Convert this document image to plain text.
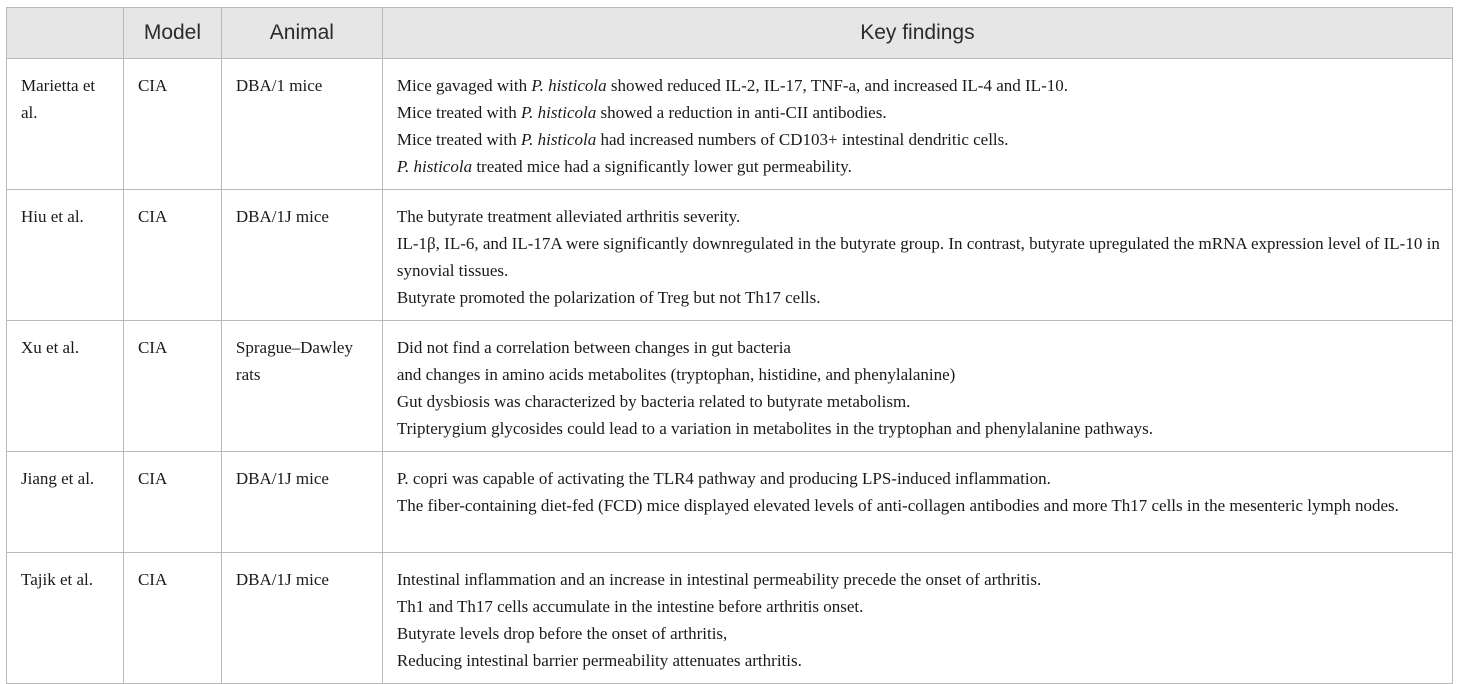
	Model	Animal	Key findings
Marietta et al.	CIA	DBA/1 mice	Mice gavaged with P. histicola showed reduced IL-2, IL-17, TNF-a, and increased IL-4 and IL-10.
Mice treated with P. histicola showed a reduction in anti-CII antibodies.
Mice treated with P. histicola had increased numbers of CD103+ intestinal dendritic cells.
P. histicola treated mice had a significantly lower gut permeability.

Hiu et al.	CIA	DBA/1J mice	The butyrate treatment alleviated arthritis severity.
IL-1β, IL-6, and IL-17A were significantly downregulated in the butyrate group. In contrast, butyrate upregulated the mRNA expression level of IL-10 in synovial tissues.
Butyrate promoted the polarization of Treg but not Th17 cells.

Xu et al.	CIA	Sprague–Dawley rats	Did not find a correlation between changes in gut bacteria
and changes in amino acids metabolites (tryptophan, histidine, and phenylalanine)
Gut dysbiosis was characterized by bacteria related to butyrate metabolism.
Tripterygium glycosides could lead to a variation in metabolites in the tryptophan and phenylalanine pathways.

Jiang et al.	CIA	DBA/1J mice	P. copri was capable of activating the TLR4 pathway and producing LPS-induced inflammation.
The fiber-containing diet-fed (FCD) mice displayed elevated levels of anti-collagen antibodies and more Th17 cells in the mesenteric lymph nodes.

Tajik et al.	CIA	DBA/1J mice	Intestinal inflammation and an increase in intestinal permeability precede the onset of arthritis.
Th1 and Th17 cells accumulate in the intestine before arthritis onset.
Butyrate levels drop before the onset of arthritis,
Reducing intestinal barrier permeability attenuates arthritis.
